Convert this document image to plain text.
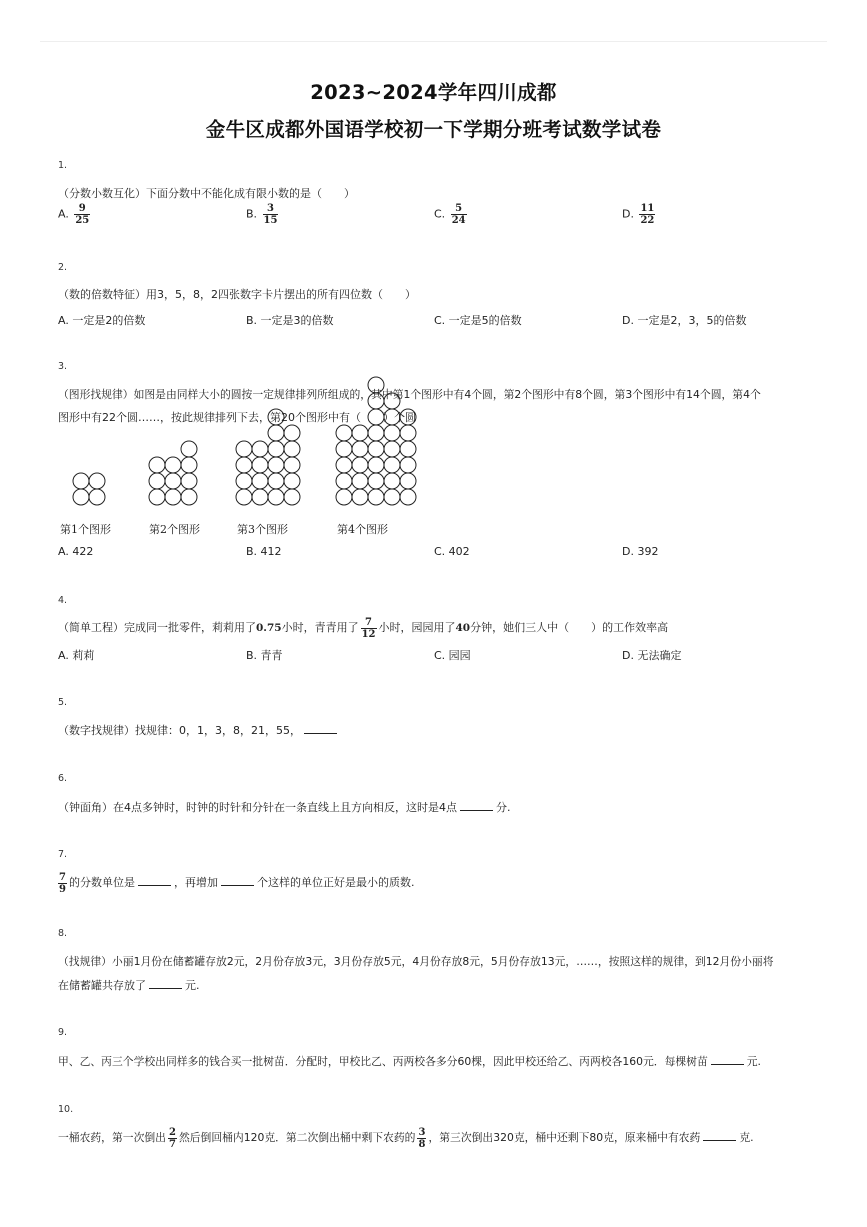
2023~2024学年四川成都
金牛区成都外国语学校初一下学期分班考试数学试卷
1.
（分数小数互化）下面分数中不能化成有限小数的是（　　）
A. $\frac{9}{25}$	B. $\frac{3}{15}$	C. $\frac{5}{24}$	D. $\frac{11}{22}$
2.
（数的倍数特征）用3，5，8，2四张数字卡片摆出的所有四位数（　　）
A. 一定是2的倍数	B. 一定是3的倍数	C. 一定是5的倍数	D. 一定是2，3，5的倍数
3.
（图形找规律）如图是由同样大小的圆按一定规律排列所组成的，其中第1个图形中有4个圆，第2个图形中有8个圆，第3个图形中有14个圆，第4个
图形中有22个圆……，按此规律排列下去，第20个图形中有（　　）个圆
第1个图形	第2个图形	第3个图形	第4个图形
A. 422	B. 412	C. 402	D. 392
4.
（简单工程）完成同一批零件，莉莉用了0.75小时，青青用了 $\frac{7}{12}$ 小时，园园用了40分钟，她们三人中（　　）的工作效率高
A. 莉莉	B. 青青	C. 园园	D. 无法确定
5.
（数字找规律）找规律：0，1，3，8，21，55，
6.
（钟面角）在4点多钟时，时钟的时针和分针在一条直线上且方向相反，这时是4点	分.
7.
$\frac{7}{9}$ 的分数单位是	，再增加	个这样的单位正好是最小的质数.
8.
（找规律）小丽1月份在储蓄罐存放2元，2月份存放3元，3月份存放5元，4月份存放8元，5月份存放13元，……，按照这样的规律，到12月份小丽将
在储蓄罐共存放了	元.
9.
甲、乙、丙三个学校出同样多的钱合买一批树苗．分配时，甲校比乙、丙两校各多分60棵，因此甲校还给乙、丙两校各160元．每棵树苗	元.
10.
一桶农药，第一次倒出 $\frac{2}{7}$ 然后倒回桶内120克．第二次倒出桶中剩下农药的 $\frac{3}{8}$ ，第三次倒出320克，桶中还剩下80克，原来桶中有农药	克.
